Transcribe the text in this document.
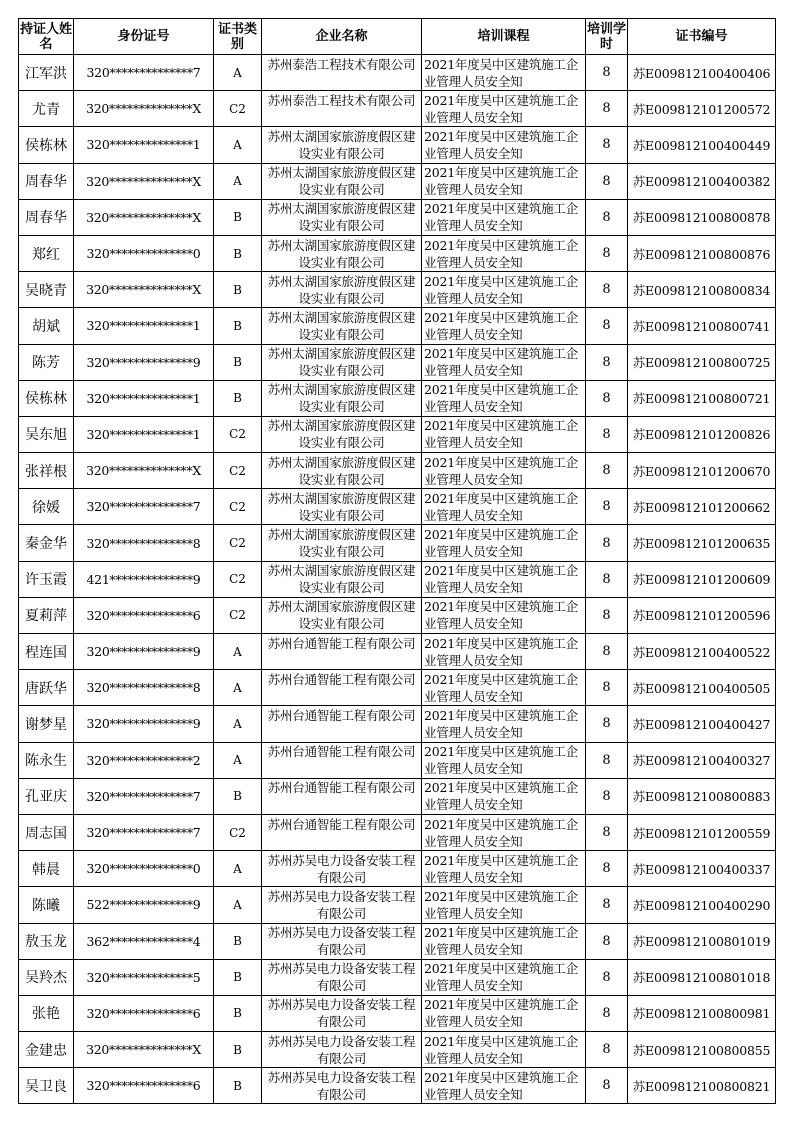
持证人姓名	身份证号	证书类别	企业名称	培训课程	培训学时	证书编号
江军洪	320**************7	A	苏州泰浩工程技术有限公司	2021年度吴中区建筑施工企业管理人员安全知	8	苏E009812100400406
尤青	320**************X	C2	苏州泰浩工程技术有限公司	2021年度吴中区建筑施工企业管理人员安全知	8	苏E009812101200572
侯栋林	320**************1	A	苏州太湖国家旅游度假区建设实业有限公司	2021年度吴中区建筑施工企业管理人员安全知	8	苏E009812100400449
周春华	320**************X	A	苏州太湖国家旅游度假区建设实业有限公司	2021年度吴中区建筑施工企业管理人员安全知	8	苏E009812100400382
周春华	320**************X	B	苏州太湖国家旅游度假区建设实业有限公司	2021年度吴中区建筑施工企业管理人员安全知	8	苏E009812100800878
郑红	320**************0	B	苏州太湖国家旅游度假区建设实业有限公司	2021年度吴中区建筑施工企业管理人员安全知	8	苏E009812100800876
吴晓青	320**************X	B	苏州太湖国家旅游度假区建设实业有限公司	2021年度吴中区建筑施工企业管理人员安全知	8	苏E009812100800834
胡斌	320**************1	B	苏州太湖国家旅游度假区建设实业有限公司	2021年度吴中区建筑施工企业管理人员安全知	8	苏E009812100800741
陈芳	320**************9	B	苏州太湖国家旅游度假区建设实业有限公司	2021年度吴中区建筑施工企业管理人员安全知	8	苏E009812100800725
侯栋林	320**************1	B	苏州太湖国家旅游度假区建设实业有限公司	2021年度吴中区建筑施工企业管理人员安全知	8	苏E009812100800721
吴东旭	320**************1	C2	苏州太湖国家旅游度假区建设实业有限公司	2021年度吴中区建筑施工企业管理人员安全知	8	苏E009812101200826
张祥根	320**************X	C2	苏州太湖国家旅游度假区建设实业有限公司	2021年度吴中区建筑施工企业管理人员安全知	8	苏E009812101200670
徐媛	320**************7	C2	苏州太湖国家旅游度假区建设实业有限公司	2021年度吴中区建筑施工企业管理人员安全知	8	苏E009812101200662
秦金华	320**************8	C2	苏州太湖国家旅游度假区建设实业有限公司	2021年度吴中区建筑施工企业管理人员安全知	8	苏E009812101200635
许玉霞	421**************9	C2	苏州太湖国家旅游度假区建设实业有限公司	2021年度吴中区建筑施工企业管理人员安全知	8	苏E009812101200609
夏莉萍	320**************6	C2	苏州太湖国家旅游度假区建设实业有限公司	2021年度吴中区建筑施工企业管理人员安全知	8	苏E009812101200596
程连国	320**************9	A	苏州台通智能工程有限公司	2021年度吴中区建筑施工企业管理人员安全知	8	苏E009812100400522
唐跃华	320**************8	A	苏州台通智能工程有限公司	2021年度吴中区建筑施工企业管理人员安全知	8	苏E009812100400505
谢梦星	320**************9	A	苏州台通智能工程有限公司	2021年度吴中区建筑施工企业管理人员安全知	8	苏E009812100400427
陈永生	320**************2	A	苏州台通智能工程有限公司	2021年度吴中区建筑施工企业管理人员安全知	8	苏E009812100400327
孔亚庆	320**************7	B	苏州台通智能工程有限公司	2021年度吴中区建筑施工企业管理人员安全知	8	苏E009812100800883
周志国	320**************7	C2	苏州台通智能工程有限公司	2021年度吴中区建筑施工企业管理人员安全知	8	苏E009812101200559
韩晨	320**************0	A	苏州苏吴电力设备安装工程有限公司	2021年度吴中区建筑施工企业管理人员安全知	8	苏E009812100400337
陈曦	522**************9	A	苏州苏吴电力设备安装工程有限公司	2021年度吴中区建筑施工企业管理人员安全知	8	苏E009812100400290
敖玉龙	362**************4	B	苏州苏吴电力设备安装工程有限公司	2021年度吴中区建筑施工企业管理人员安全知	8	苏E009812100801019
吴羚杰	320**************5	B	苏州苏吴电力设备安装工程有限公司	2021年度吴中区建筑施工企业管理人员安全知	8	苏E009812100801018
张艳	320**************6	B	苏州苏吴电力设备安装工程有限公司	2021年度吴中区建筑施工企业管理人员安全知	8	苏E009812100800981
金建忠	320**************X	B	苏州苏吴电力设备安装工程有限公司	2021年度吴中区建筑施工企业管理人员安全知	8	苏E009812100800855
吴卫良	320**************6	B	苏州苏吴电力设备安装工程有限公司	2021年度吴中区建筑施工企业管理人员安全知	8	苏E009812100800821
